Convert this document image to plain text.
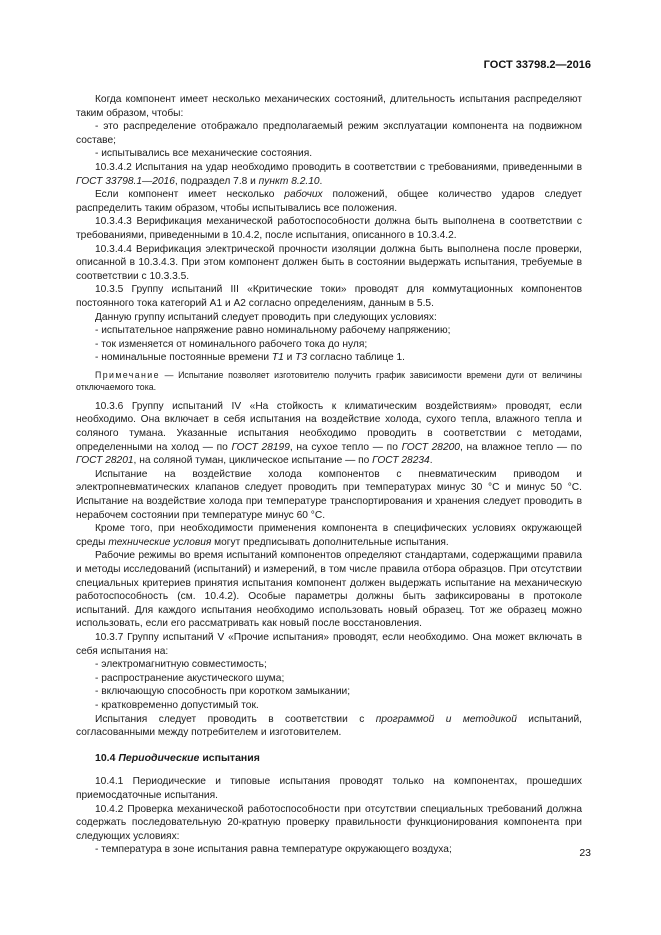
ГОСТ 33798.2—2016

Когда компонент имеет несколько механических состояний, длительность испытания распределяют таким образом, чтобы:

- это распределение отображало предполагаемый режим эксплуатации компонента на подвижном составе;

- испытывались все механические состояния.

10.3.4.2 Испытания на удар необходимо проводить в соответствии с требованиями, приведенными в ГОСТ 33798.1—2016, подраздел 7.8 и пункт 8.2.10.

Если компонент имеет несколько рабочих положений, общее количество ударов следует распределить таким образом, чтобы испытывались все положения.

10.3.4.3 Верификация механической работоспособности должна быть выполнена в соответствии с требованиями, приведенными в 10.4.2, после испытания, описанного в 10.3.4.2.

10.3.4.4 Верификация электрической прочности изоляции должна быть выполнена после проверки, описанной в 10.3.4.3. При этом компонент должен быть в состоянии выдержать испытания, требуемые в соответствии с 10.3.3.5.

10.3.5 Группу испытаний III «Критические токи» проводят для коммутационных компонентов постоянного тока категорий А1 и А2 согласно определениям, данным в 5.5.

Данную группу испытаний следует проводить при следующих условиях:

- испытательное напряжение равно номинальному рабочему напряжению;

- ток изменяется от номинального рабочего тока до нуля;

- номинальные постоянные времени T1 и T3 согласно таблице 1.

Примечание — Испытание позволяет изготовителю получить график зависимости времени дуги от величины отключаемого тока.

10.3.6 Группу испытаний IV «На стойкость к климатическим воздействиям» проводят, если необходимо. Она включает в себя испытания на воздействие холода, сухого тепла, влажного тепла и соляного тумана. Указанные испытания необходимо проводить в соответствии с методами, определенными на холод — по ГОСТ 28199, на сухое тепло — по ГОСТ 28200, на влажное тепло — по ГОСТ 28201, на соляной туман, циклическое испытание — по ГОСТ 28234.

Испытание на воздействие холода компонентов с пневматическим приводом и электропневматических клапанов следует проводить при температурах минус 30 °С и минус 50 °С. Испытание на воздействие холода при температуре транспортирования и хранения следует проводить в нерабочем состоянии при температуре минус 60 °С.

Кроме того, при необходимости применения компонента в специфических условиях окружающей среды технические условия могут предписывать дополнительные испытания.

Рабочие режимы во время испытаний компонентов определяют стандартами, содержащими правила и методы исследований (испытаний) и измерений, в том числе правила отбора образцов. При отсутствии специальных критериев принятия испытания компонент должен выдержать испытание на механическую работоспособность (см. 10.4.2). Особые параметры должны быть зафиксированы в протоколе испытаний. Для каждого испытания необходимо использовать новый образец. Тот же образец можно использовать, если его рассматривать как новый после восстановления.

10.3.7 Группу испытаний V «Прочие испытания» проводят, если необходимо. Она может включать в себя испытания на:

- электромагнитную совместимость;

- распространение акустического шума;

- включающую способность при коротком замыкании;

- кратковременно допустимый ток.

Испытания следует проводить в соответствии с программой и методикой испытаний, согласованными между потребителем и изготовителем.

10.4 Периодические испытания

10.4.1 Периодические и типовые испытания проводят только на компонентах, прошедших приемосдаточные испытания.

10.4.2 Проверка механической работоспособности при отсутствии специальных требований должна содержать последовательную 20-кратную проверку правильности функционирования компонента при следующих условиях:

- температура в зоне испытания равна температуре окружающего воздуха;	23
